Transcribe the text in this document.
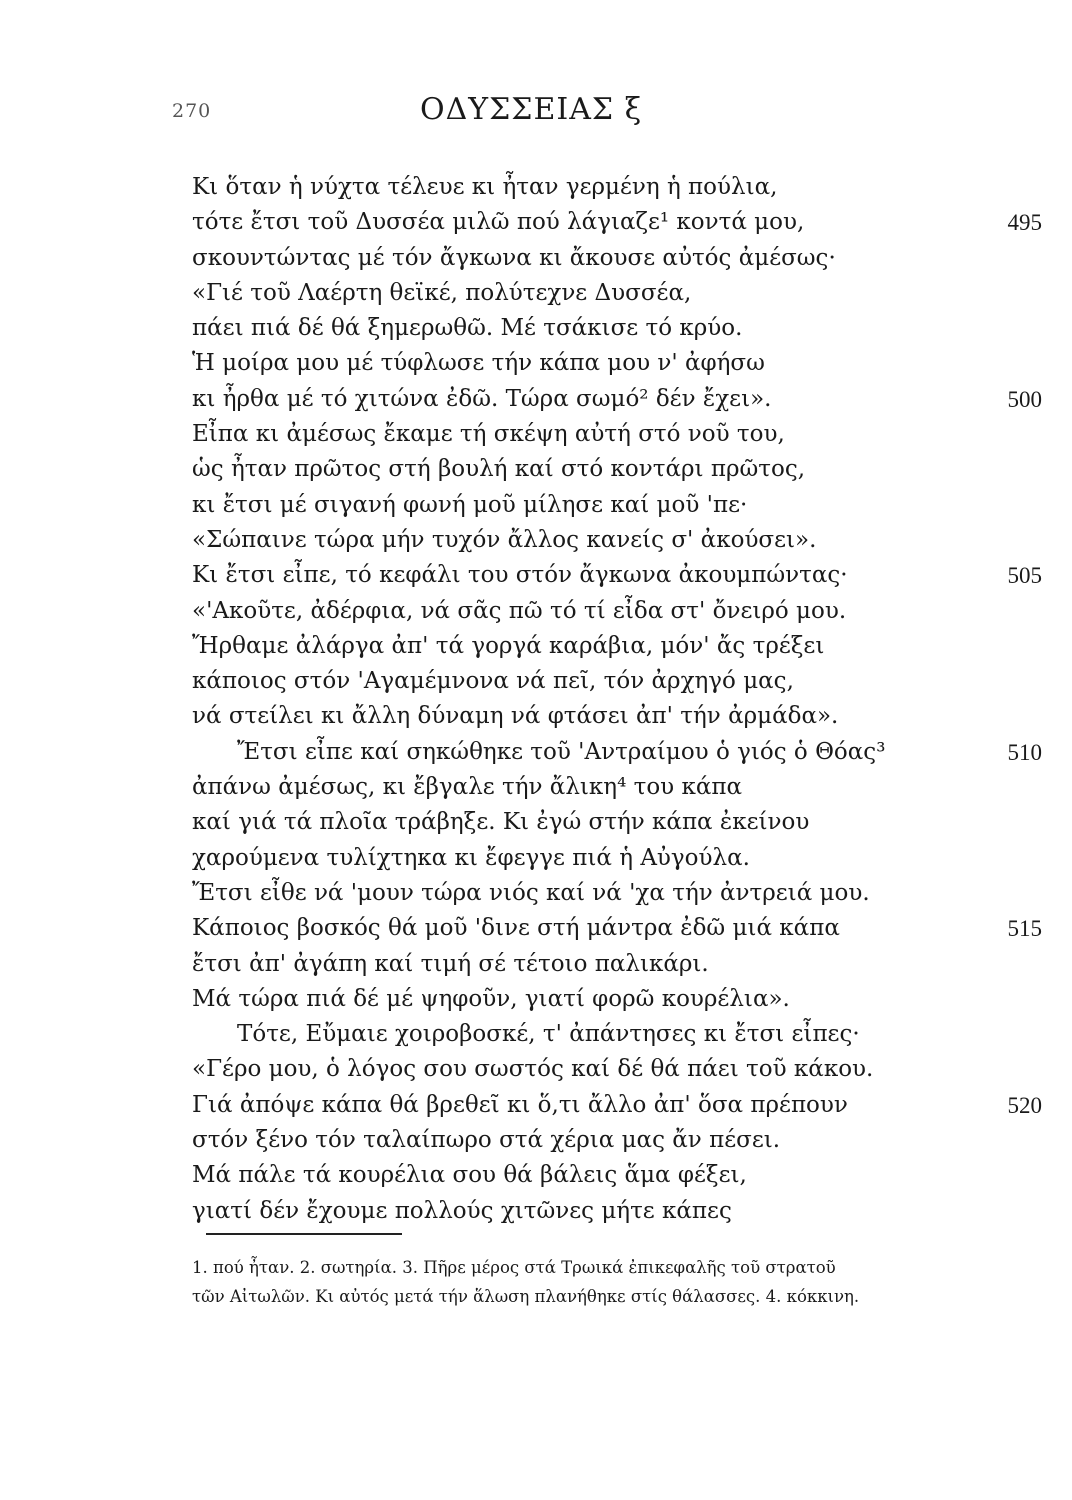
270	ΟΔΥΣΣΕΙΑΣ ξ
Κι ὅταν ἡ νύχτα τέλευε κι ἦταν γερμένη ἡ πούλια,
τότε ἔτσι τοῦ Δυσσέα μιλῶ πού λάγιαζε¹ κοντά μου,	495
σκουντώντας μέ τόν ἄγκωνα κι ἄκουσε αὐτός ἀμέσως·
«Γιέ τοῦ Λαέρτη θεϊκέ, πολύτεχνε Δυσσέα,
πάει πιά δέ θά ξημερωθῶ. Μέ τσάκισε τό κρύο.
Ἡ μοίρα μου μέ τύφλωσε τήν κάπα μου ν' ἀφήσω
κι ἦρθα μέ τό χιτώνα ἐδῶ. Τώρα σωμό² δέν ἔχει».	500
Εἶπα κι ἀμέσως ἔκαμε τή σκέψη αὐτή στό νοῦ του,
ὡς ἦταν πρῶτος στή βουλή καί στό κοντάρι πρῶτος,
κι ἔτσι μέ σιγανή φωνή μοῦ μίλησε καί μοῦ 'πε·
«Σώπαινε τώρα μήν τυχόν ἄλλος κανείς σ' ἀκούσει».
Κι ἔτσι εἶπε, τό κεφάλι του στόν ἄγκωνα ἀκουμπώντας·	505
«'Ακοῦτε, ἀδέρφια, νά σᾶς πῶ τό τί εἶδα στ' ὄνειρό μου.
Ἤρθαμε ἀλάργα ἀπ' τά γοργά καράβια, μόν' ἄς τρέξει
κάποιος στόν 'Αγαμέμνονα νά πεῖ, τόν ἀρχηγό μας,
νά στείλει κι ἄλλη δύναμη νά φτάσει ἀπ' τήν ἀρμάδα».
Ἔτσι εἶπε καί σηκώθηκε τοῦ 'Αντραίμου ὁ γιός ὁ Θόας³	510
ἀπάνω ἀμέσως, κι ἔβγαλε τήν ἄλικη⁴ του κάπα
καί γιά τά πλοῖα τράβηξε. Κι ἐγώ στήν κάπα ἐκείνου
χαρούμενα τυλίχτηκα κι ἔφεγγε πιά ἡ Αὐγούλα.
Ἔτσι εἶθε νά 'μουν τώρα νιός καί νά 'χα τήν ἀντρειά μου.
Κάποιος βοσκός θά μοῦ 'δινε στή μάντρα ἐδῶ μιά κάπα	515
ἔτσι ἀπ' ἀγάπη καί τιμή σέ τέτοιο παλικάρι.
Μά τώρα πιά δέ μέ ψηφοῦν, γιατί φορῶ κουρέλια».
Τότε, Εὔμαιε χοιροβοσκέ, τ' ἀπάντησες κι ἔτσι εἶπες·
«Γέρο μου, ὁ λόγος σου σωστός καί δέ θά πάει τοῦ κάκου.
Γιά ἀπόψε κάπα θά βρεθεῖ κι ὅ,τι ἄλλο ἀπ' ὅσα πρέπουν	520
στόν ξένο τόν ταλαίπωρο στά χέρια μας ἄν πέσει.
Μά πάλε τά κουρέλια σου θά βάλεις ἅμα φέξει,
γιατί δέν ἔχουμε πολλούς χιτῶνες μήτε κάπες
1. πού ἦταν. 2. σωτηρία. 3. Πῆρε μέρος στά Τρωικά ἐπικεφαλῆς τοῦ στρατοῦ
τῶν Αἰτωλῶν. Κι αὐτός μετά τήν ἅλωση πλανήθηκε στίς θάλασσες. 4. κόκκινη.
